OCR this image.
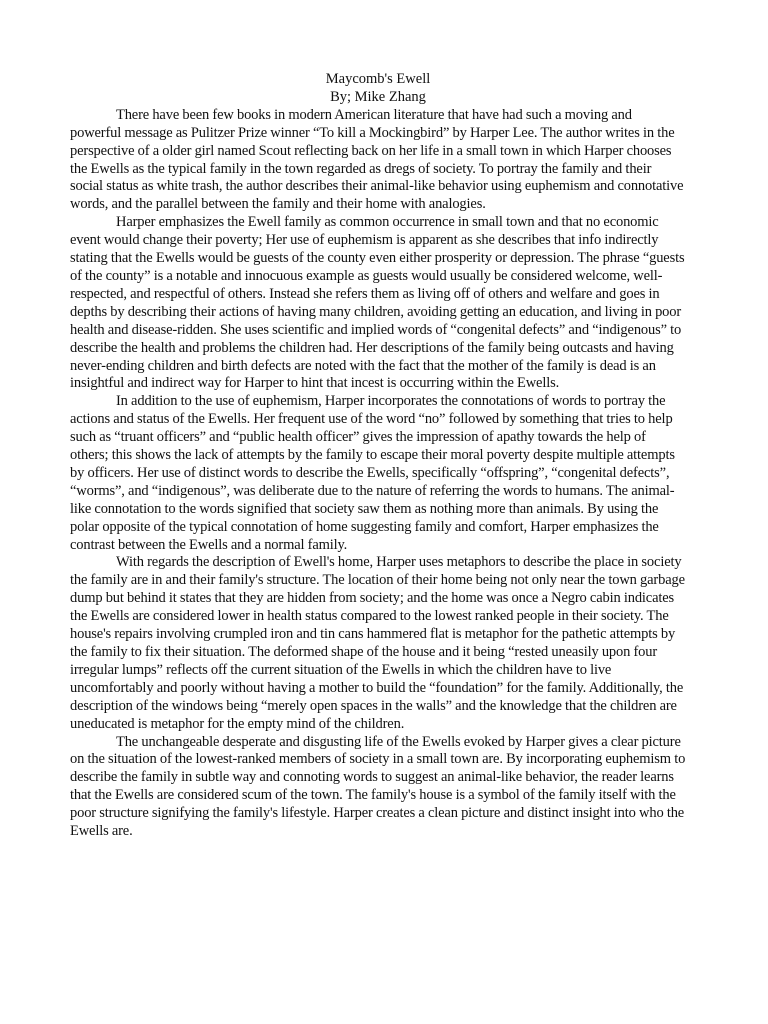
Maycomb's Ewell

By; Mike Zhang

There have been few books in modern American literature that have had such a moving and powerful message as Pulitzer Prize winner “To kill a Mockingbird” by Harper Lee. The author writes in the perspective of a older girl named Scout reflecting back on her life in a small town in which Harper chooses the Ewells as the typical family in the town regarded as dregs of society. To portray the family and their social status as white trash, the author describes their animal-like behavior using euphemism and connotative words, and the parallel between the family and their home with analogies.

Harper emphasizes the Ewell family as common occurrence in small town and that no economic event would change their poverty; Her use of euphemism is apparent as she describes that info indirectly stating that the Ewells would be guests of the county even either prosperity or depression. The phrase “guests of the county” is a notable and innocuous example as guests would usually be considered welcome, well-respected, and respectful of others. Instead she refers them as living off of others and welfare and goes in depths by describing their actions of having many children, avoiding getting an education, and living in poor health and disease-ridden. She uses scientific and implied words of “congenital defects” and “indigenous” to describe the health and problems the children had. Her descriptions of the family being outcasts and having never-ending children and birth defects are noted with the fact that the mother of the family is dead is an insightful and indirect way for Harper to hint that incest is occurring within the Ewells.

In addition to the use of euphemism, Harper incorporates the connotations of words to portray the actions and status of the Ewells. Her frequent use of the word “no” followed by something that tries to help such as “truant officers” and “public health officer” gives the impression of apathy towards the help of others; this shows the lack of attempts by the family to escape their moral poverty despite multiple attempts by officers. Her use of distinct words to describe the Ewells, specifically “offspring”, “congenital defects”, “worms”, and “indigenous”, was deliberate due to the nature of referring the words to humans. The animal-like connotation to the words signified that society saw them as nothing more than animals. By using the polar opposite of the typical connotation of home suggesting family and comfort, Harper emphasizes the contrast between the Ewells and a normal family.

With regards the description of Ewell's home, Harper uses metaphors to describe the place in society the family are in and their family's structure. The location of their home being not only near the town garbage dump but behind it states that they are hidden from society; and the home was once a Negro cabin indicates the Ewells are considered lower in health status compared to the lowest ranked people in their society. The house's repairs involving crumpled iron and tin cans hammered flat is metaphor for the pathetic attempts by the family to fix their situation. The deformed shape of the house and it being “rested uneasily upon four irregular lumps” reflects off the current situation of the Ewells in which the children have to live uncomfortably and poorly without having a mother to build the “foundation” for the family. Additionally, the description of the windows being “merely open spaces in the walls” and the knowledge that the children are uneducated is metaphor for the empty mind of the children.

The unchangeable desperate and disgusting life of the Ewells evoked by Harper gives a clear picture on the situation of the lowest-ranked members of society in a small town are. By incorporating euphemism to describe the family in subtle way and connoting words to suggest an animal-like behavior, the reader learns that the Ewells are considered scum of the town. The family's house is a symbol of the family itself with the poor structure signifying the family's lifestyle. Harper creates a clean picture and distinct insight into who the Ewells are.
